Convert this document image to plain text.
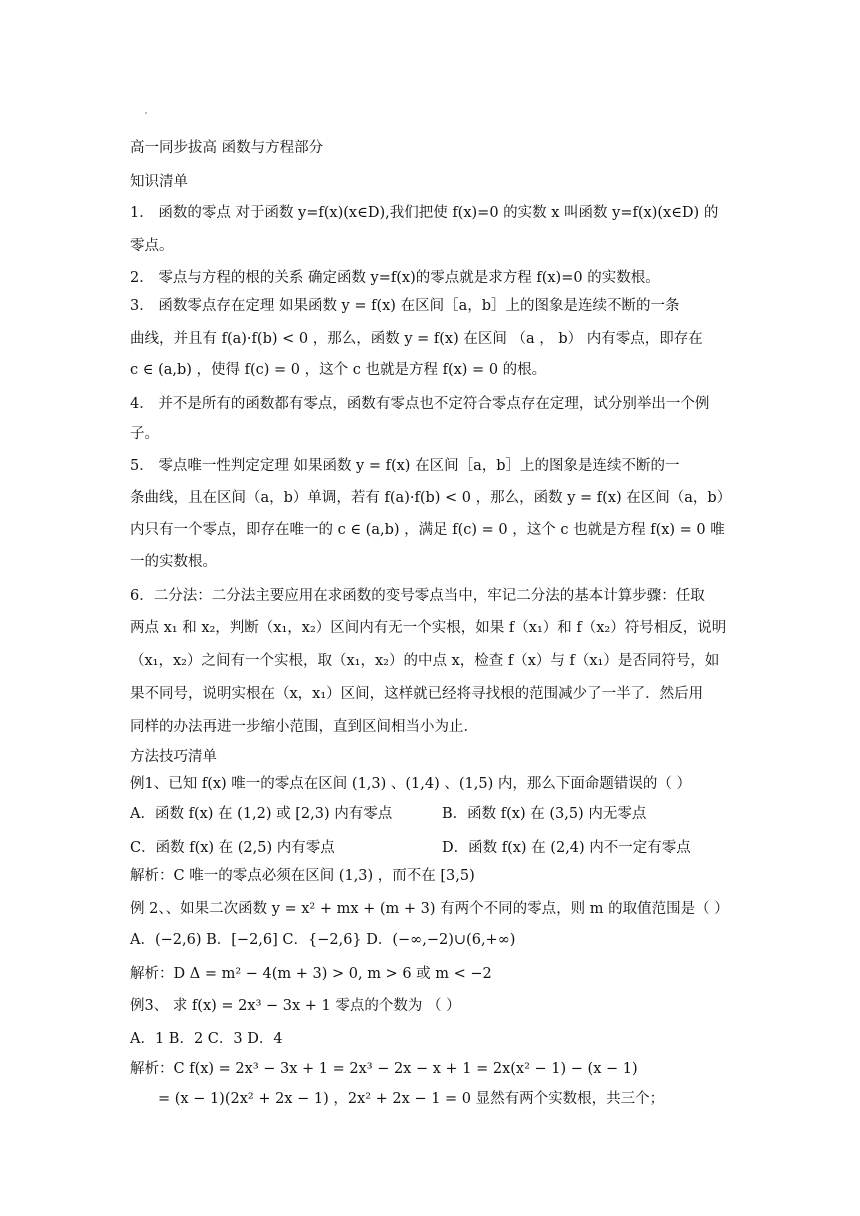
高一同步拔高 函数与方程部分
知识清单
1． 函数的零点 对于函数 y=f(x)(x∈D),我们把使 f(x)=0 的实数 x 叫函数 y=f(x)(x∈D) 的
零点。
2． 零点与方程的根的关系 确定函数 y=f(x)的零点就是求方程 f(x)=0 的实数根。
3． 函数零点存在定理 如果函数 y = f(x) 在区间［a，b］上的图象是连续不断的一条
曲线，并且有 f(a)·f(b) < 0 ，那么，函数 y = f(x) 在区间 （a ， b） 内有零点，即存在
c ∈ (a,b) ，使得 f(c) = 0 ，这个 c 也就是方程 f(x) = 0 的根。
4． 并不是所有的函数都有零点，函数有零点也不定符合零点存在定理，试分别举出一个例
子。
5． 零点唯一性判定定理 如果函数 y = f(x) 在区间［a，b］上的图象是连续不断的一
条曲线，且在区间（a，b）单调，若有 f(a)·f(b) < 0 ，那么，函数 y = f(x) 在区间（a，b）
内只有一个零点，即存在唯一的 c ∈ (a,b) ，满足 f(c) = 0 ，这个 c 也就是方程 f(x) = 0 唯
一的实数根。
6．二分法：二分法主要应用在求函数的变号零点当中，牢记二分法的基本计算步骤：任取
两点 x₁ 和 x₂，判断（x₁，x₂）区间内有无一个实根，如果 f（x₁）和 f（x₂）符号相反，说明
（x₁，x₂）之间有一个实根，取（x₁，x₂）的中点 x，检查 f（x）与 f（x₁）是否同符号，如
果不同号，说明实根在（x，x₁）区间，这样就已经将寻找根的范围减少了一半了．然后用
同样的办法再进一步缩小范围，直到区间相当小为止．
方法技巧清单
例1、已知 f(x) 唯一的零点在区间 (1,3) 、(1,4) 、(1,5) 内，那么下面命题错误的（ ）
A．函数 f(x) 在 (1,2) 或 [2,3) 内有零点	B．函数 f(x) 在 (3,5) 内无零点
C．函数 f(x) 在 (2,5) 内有零点	D．函数 f(x) 在 (2,4) 内不一定有零点
解析：C 唯一的零点必须在区间 (1,3) ，而不在 [3,5)
例 2、、如果二次函数 y = x² + mx + (m + 3) 有两个不同的零点，则 m 的取值范围是（ ）
A．(−2,6) B．[−2,6] C．{−2,6} D．(−∞,−2)∪(6,+∞)
解析：D Δ = m² − 4(m + 3) > 0, m > 6 或 m < −2
例3、 求 f(x) = 2x³ − 3x + 1 零点的个数为 （ ）
A．1 B．2 C．3 D．4
解析：C f(x) = 2x³ − 3x + 1 = 2x³ − 2x − x + 1 = 2x(x² − 1) − (x − 1)
= (x − 1)(2x² + 2x − 1) ，2x² + 2x − 1 = 0 显然有两个实数根，共三个；
